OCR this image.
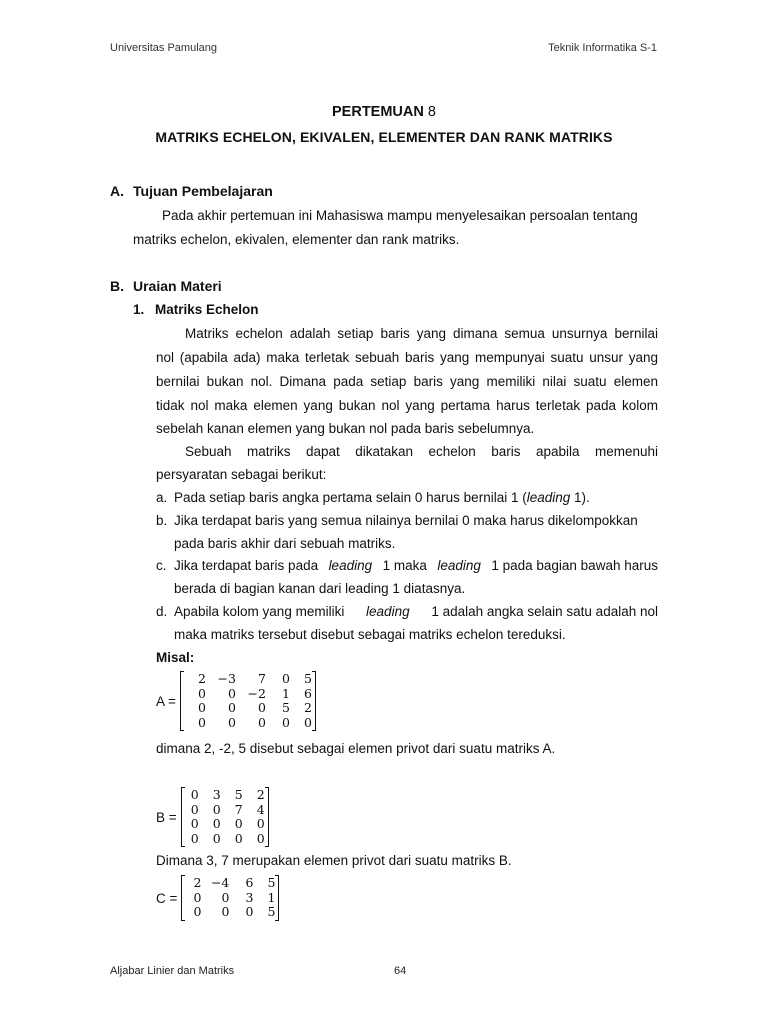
Universitas Pamulang	Teknik Informatika S-1
PERTEMUAN 8
MATRIKS ECHELON, EKIVALEN, ELEMENTER DAN RANK MATRIKS
A. Tujuan Pembelajaran
Pada akhir pertemuan ini Mahasiswa mampu menyelesaikan persoalan tentang
matriks echelon, ekivalen, elementer dan rank matriks.
B. Uraian Materi
1. Matriks Echelon
Matriks echelon adalah setiap baris yang dimana semua unsurnya bernilai
nol (apabila ada) maka terletak sebuah baris yang mempunyai suatu unsur yang
bernilai bukan nol. Dimana pada setiap baris yang memiliki nilai suatu elemen
tidak nol maka elemen yang bukan nol yang pertama harus terletak pada kolom
sebelah kanan elemen yang bukan nol pada baris sebelumnya.
Sebuah matriks dapat dikatakan echelon baris apabila memenuhi
persyaratan sebagai berikut:
a. Pada setiap baris angka pertama selain 0 harus bernilai 1 (leading 1).
b. Jika terdapat baris yang semua nilainya bernilai 0 maka harus dikelompokkan
pada baris akhir dari sebuah matriks.
c. Jika terdapat baris pada leading 1 maka leading 1 pada bagian bawah harus
berada di bagian kanan dari leading 1 diatasnya.
d. Apabila kolom yang memiliki leading 1 adalah angka selain satu adalah nol
maka matriks tersebut disebut sebagai matriks echelon tereduksi.
Misal:
A =
2	−3	7	0	5
0	0	−2	1	6
0	0	0	5	2
0	0	0	0	0
dimana 2, -2, 5 disebut sebagai elemen privot dari suatu matriks A.
B =
0	3	5	2
0	0	7	4
0	0	0	0
0	0	0	0
Dimana 3, 7 merupakan elemen privot dari suatu matriks B.
C =
2	−4	6	5
0	0	3	1
0	0	0	5
Aljabar Linier dan Matriks	64
